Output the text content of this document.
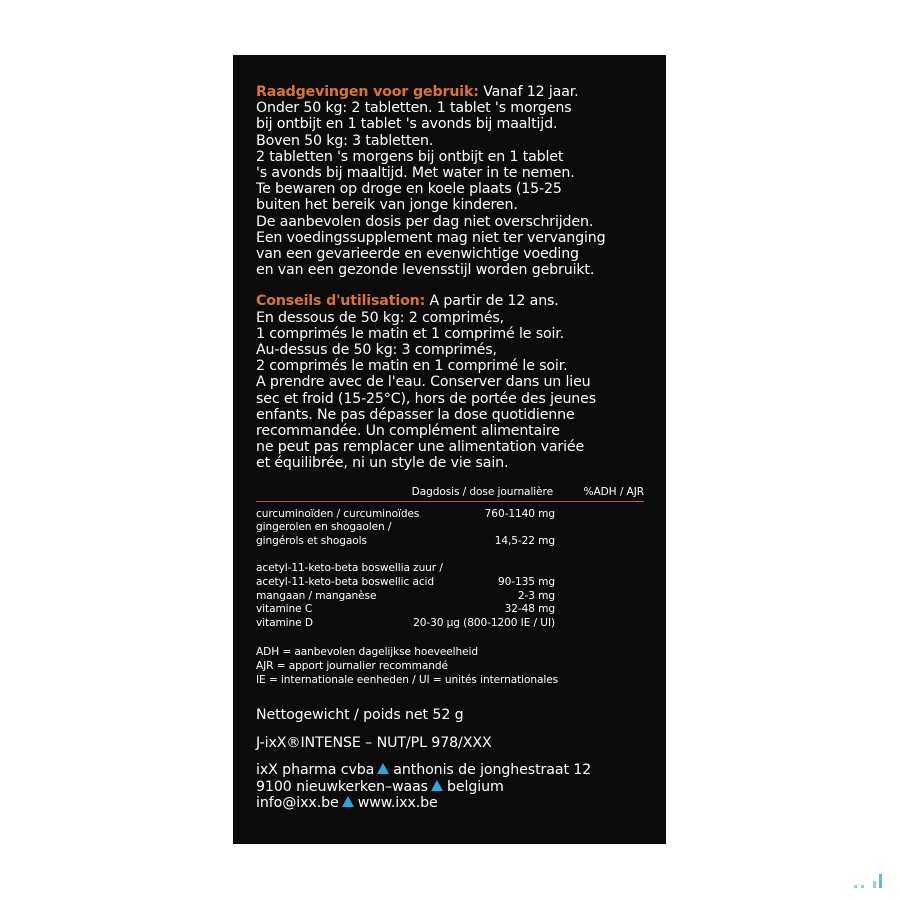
Raadgevingen voor gebruik: Vanaf 12 jaar.
Onder 50 kg: 2 tabletten. 1 tablet 's morgens
bij ontbijt en 1 tablet 's avonds bij maaltijd.
Boven 50 kg: 3 tabletten.
2 tabletten 's morgens bij ontbijt en 1 tablet
's avonds bij maaltijd. Met water in te nemen.
Te bewaren op droge en koele plaats (15-25
buiten het bereik van jonge kinderen.
De aanbevolen dosis per dag niet overschrijden.
Een voedingssupplement mag niet ter vervanging
van een gevarieerde en evenwichtige voeding
en van een gezonde levensstijl worden gebruikt.
Conseils d'utilisation: A partir de 12 ans.
En dessous de 50 kg: 2 comprimés,
1 comprimés le matin et 1 comprimé le soir.
Au-dessus de 50 kg: 3 comprimés,
2 comprimés le matin en 1 comprimé le soir.
A prendre avec de l'eau. Conserver dans un lieu
sec et froid (15-25°C), hors de portée des jeunes
enfants. Ne pas dépasser la dose quotidienne
recommandée. Un complément alimentaire
ne peut pas remplacer une alimentation variée
et équilibrée, ni un style de vie sain.
Dagdosis / dose journalière	%ADH / AJR
curcuminoïden / curcuminoïdes	760-1140 mg
gingerolen en shogaolen /
gingérols et shogaols	14,5-22 mg
acetyl-11-keto-beta boswellia zuur /
acetyl-11-keto-beta boswellic acid	90-135 mg
mangaan / manganèse	2-3 mg
vitamine C	32-48 mg
vitamine D	20-30 µg (800-1200 IE / UI)
ADH = aanbevolen dagelijkse hoeveelheid
AJR = apport journalier recommandé
IE = internationale eenheden / UI = unités internationales
Nettogewicht / poids net 52 g
J-ixX®INTENSE – NUT/PL 978/XXX
ixX pharma cvba anthonis de jonghestraat 12
9100 nieuwkerken–waas belgium
info@ixx.be www.ixx.be
